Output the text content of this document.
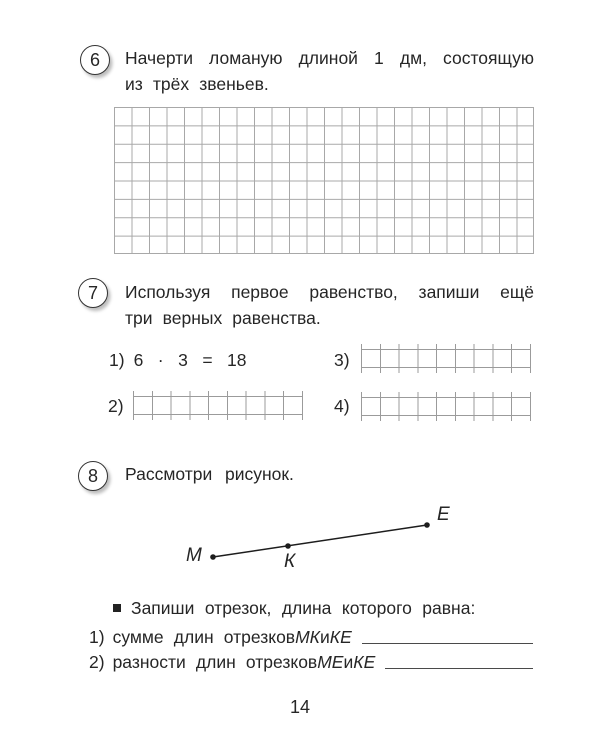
6 Начерти ломаную длиной 1 дм, состоящую
из трёх звеньев.
7 Используя первое равенство, запиши ещё
три верных равенства.
1) 6 · 3 = 18	3)
2)	4)
8 Рассмотри рисунок.
М	К
Е
Запиши отрезок, длина которого равна:
1) сумме длин отрезков МК и КЕ
2) разности длин отрезков МЕ и КЕ
14
